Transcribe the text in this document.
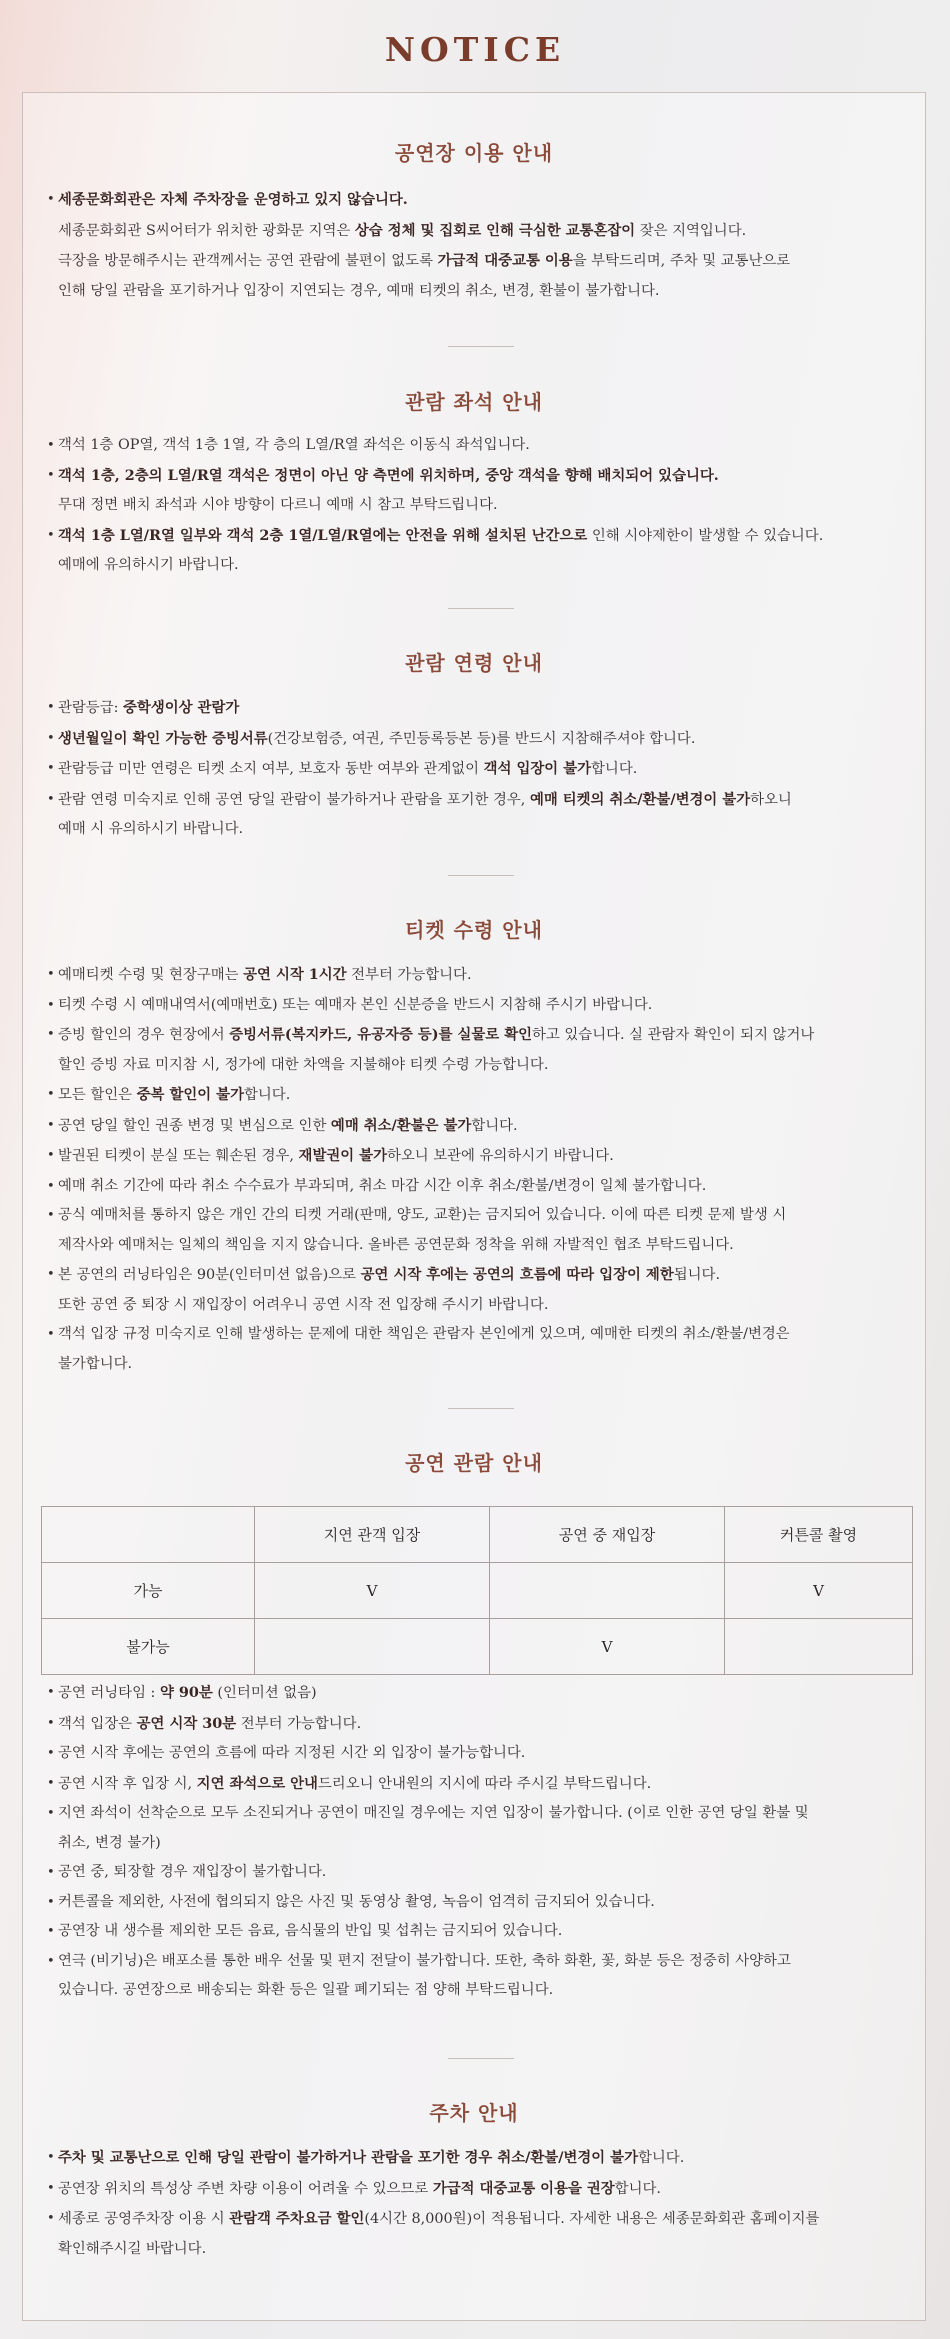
NOTICE
공연장 이용 안내
• 세종문화회관은 자체 주차장을 운영하고 있지 않습니다.
세종문화회관 S씨어터가 위치한 광화문 지역은 상습 정체 및 집회로 인해 극심한 교통혼잡이 잦은 지역입니다.
극장을 방문해주시는 관객께서는 공연 관람에 불편이 없도록 가급적 대중교통 이용을 부탁드리며, 주차 및 교통난으로
인해 당일 관람을 포기하거나 입장이 지연되는 경우, 예매 티켓의 취소, 변경, 환불이 불가합니다.
관람 좌석 안내
• 객석 1층 OP열, 객석 1층 1열, 각 층의 L열/R열 좌석은 이동식 좌석입니다.
• 객석 1층, 2층의 L열/R열 객석은 정면이 아닌 양 측면에 위치하며, 중앙 객석을 향해 배치되어 있습니다.
무대 정면 배치 좌석과 시야 방향이 다르니 예매 시 참고 부탁드립니다.
• 객석 1층 L열/R열 일부와 객석 2층 1열/L열/R열에는 안전을 위해 설치된 난간으로 인해 시야제한이 발생할 수 있습니다.
예매에 유의하시기 바랍니다.
관람 연령 안내
• 관람등급: 중학생이상 관람가
• 생년월일이 확인 가능한 증빙서류(건강보험증, 여권, 주민등록등본 등)를 반드시 지참해주셔야 합니다.
• 관람등급 미만 연령은 티켓 소지 여부, 보호자 동반 여부와 관계없이 객석 입장이 불가합니다.
• 관람 연령 미숙지로 인해 공연 당일 관람이 불가하거나 관람을 포기한 경우, 예매 티켓의 취소/환불/변경이 불가하오니
예매 시 유의하시기 바랍니다.
티켓 수령 안내
• 예매티켓 수령 및 현장구매는 공연 시작 1시간 전부터 가능합니다.
• 티켓 수령 시 예매내역서(예매번호) 또는 예매자 본인 신분증을 반드시 지참해 주시기 바랍니다.
• 증빙 할인의 경우 현장에서 증빙서류(복지카드, 유공자증 등)를 실물로 확인하고 있습니다. 실 관람자 확인이 되지 않거나
할인 증빙 자료 미지참 시, 정가에 대한 차액을 지불해야 티켓 수령 가능합니다.
• 모든 할인은 중복 할인이 불가합니다.
• 공연 당일 할인 권종 변경 및 변심으로 인한 예매 취소/환불은 불가합니다.
• 발권된 티켓이 분실 또는 훼손된 경우, 재발권이 불가하오니 보관에 유의하시기 바랍니다.
• 예매 취소 기간에 따라 취소 수수료가 부과되며, 취소 마감 시간 이후 취소/환불/변경이 일체 불가합니다.
• 공식 예매처를 통하지 않은 개인 간의 티켓 거래(판매, 양도, 교환)는 금지되어 있습니다. 이에 따른 티켓 문제 발생 시
제작사와 예매처는 일체의 책임을 지지 않습니다. 올바른 공연문화 정착을 위해 자발적인 협조 부탁드립니다.
• 본 공연의 러닝타임은 90분(인터미션 없음)으로 공연 시작 후에는 공연의 흐름에 따라 입장이 제한됩니다.
또한 공연 중 퇴장 시 재입장이 어려우니 공연 시작 전 입장해 주시기 바랍니다.
• 객석 입장 규정 미숙지로 인해 발생하는 문제에 대한 책임은 관람자 본인에게 있으며, 예매한 티켓의 취소/환불/변경은
불가합니다.
공연 관람 안내
	지연 관객 입장	공연 중 재입장	커튼콜 촬영
가능	V		V
불가능		V	
• 공연 러닝타임 : 약 90분 (인터미션 없음)
• 객석 입장은 공연 시작 30분 전부터 가능합니다.
• 공연 시작 후에는 공연의 흐름에 따라 지정된 시간 외 입장이 불가능합니다.
• 공연 시작 후 입장 시, 지연 좌석으로 안내드리오니 안내원의 지시에 따라 주시길 부탁드립니다.
• 지연 좌석이 선착순으로 모두 소진되거나 공연이 매진일 경우에는 지연 입장이 불가합니다. (이로 인한 공연 당일 환불 및
취소, 변경 불가)
• 공연 중, 퇴장할 경우 재입장이 불가합니다.
• 커튼콜을 제외한, 사전에 협의되지 않은 사진 및 동영상 촬영, 녹음이 엄격히 금지되어 있습니다.
• 공연장 내 생수를 제외한 모든 음료, 음식물의 반입 및 섭취는 금지되어 있습니다.
• 연극 (비기닝)은 배포소를 통한 배우 선물 및 편지 전달이 불가합니다. 또한, 축하 화환, 꽃, 화분 등은 정중히 사양하고
있습니다. 공연장으로 배송되는 화환 등은 일괄 폐기되는 점 양해 부탁드립니다.
주차 안내
• 주차 및 교통난으로 인해 당일 관람이 불가하거나 관람을 포기한 경우 취소/환불/변경이 불가합니다.
• 공연장 위치의 특성상 주변 차량 이용이 어려울 수 있으므로 가급적 대중교통 이용을 권장합니다.
• 세종로 공영주차장 이용 시 관람객 주차요금 할인(4시간 8,000원)이 적용됩니다. 자세한 내용은 세종문화회관 홈페이지를
확인해주시길 바랍니다.
